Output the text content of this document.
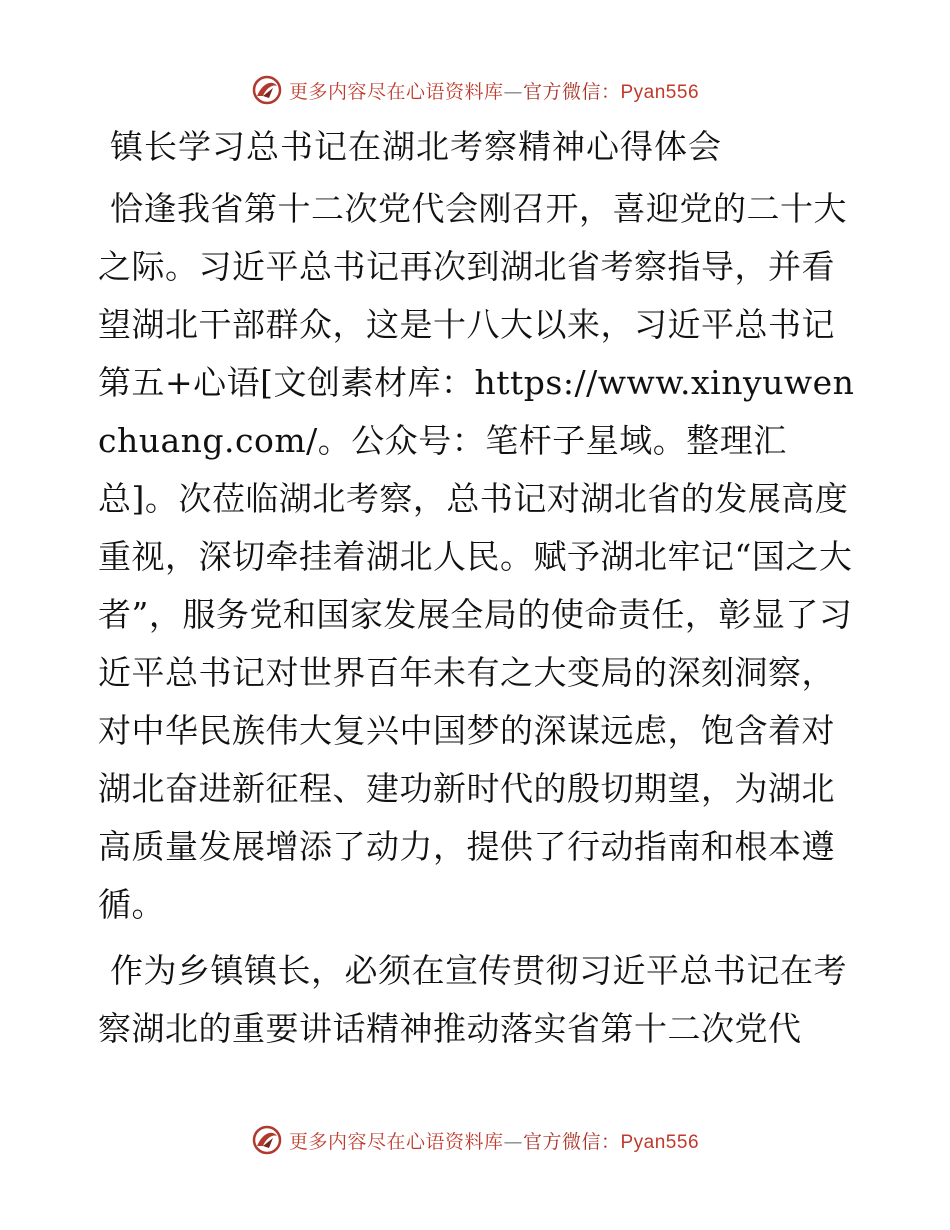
更多内容尽在心语资料库—官方微信：Pyan556
镇长学习总书记在湖北考察精神心得体会

恰逢我省第十二次党代会刚召开，喜迎党的二十大之际。习近平总书记再次到湖北省考察指导，并看望湖北干部群众，这是十八大以来，习近平总书记第五+心语[文创素材库：https://www.xinyuwenchuang.com/。公众号：笔杆子星域。整理汇总]。次莅临湖北考察，总书记对湖北省的发展高度重视，深切牵挂着湖北人民。赋予湖北牢记“国之大者”，服务党和国家发展全局的使命责任，彰显了习近平总书记对世界百年未有之大变局的深刻洞察，对中华民族伟大复兴中国梦的深谋远虑，饱含着对湖北奋进新征程、建功新时代的殷切期望，为湖北高质量发展增添了动力，提供了行动指南和根本遵循。

作为乡镇镇长，必须在宣传贯彻习近平总书记在考察湖北的重要讲话精神推动落实省第十二次党代

更多内容尽在心语资料库—官方微信：Pyan556
